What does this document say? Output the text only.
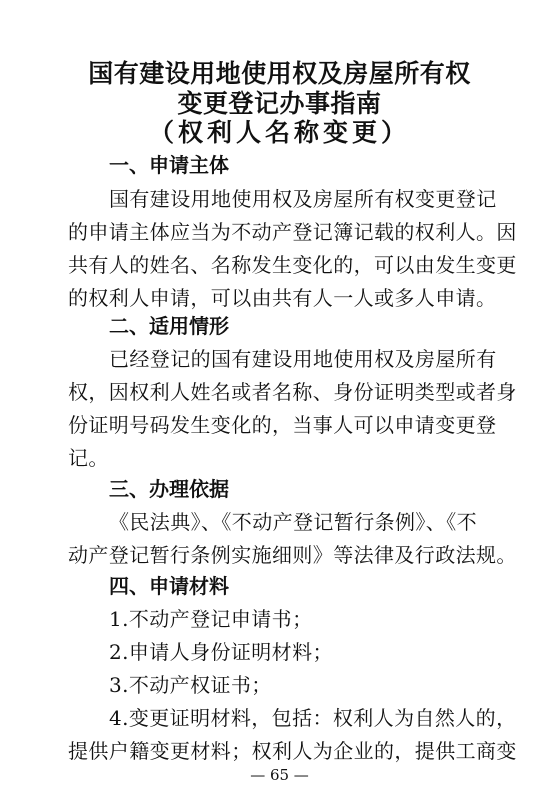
国有建设用地使用权及房屋所有权
变更登记办事指南
（权利人名称变更）
一、申请主体
国有建设用地使用权及房屋所有权变更登记
的申请主体应当为不动产登记簿记载的权利人。因
共有人的姓名、名称发生变化的，可以由发生变更
的权利人申请，可以由共有人一人或多人申请。
二、适用情形
已经登记的国有建设用地使用权及房屋所有
权，因权利人姓名或者名称、身份证明类型或者身
份证明号码发生变化的，当事人可以申请变更登
记。
三、办理依据
《民法典》、《不动产登记暂行条例》、《不
动产登记暂行条例实施细则》等法律及行政法规。
四、申请材料
1.不动产登记申请书；
2.申请人身份证明材料；
3.不动产权证书；
4.变更证明材料，包括：权利人为自然人的，
提供户籍变更材料；权利人为企业的，提供工商变
— 65 —
